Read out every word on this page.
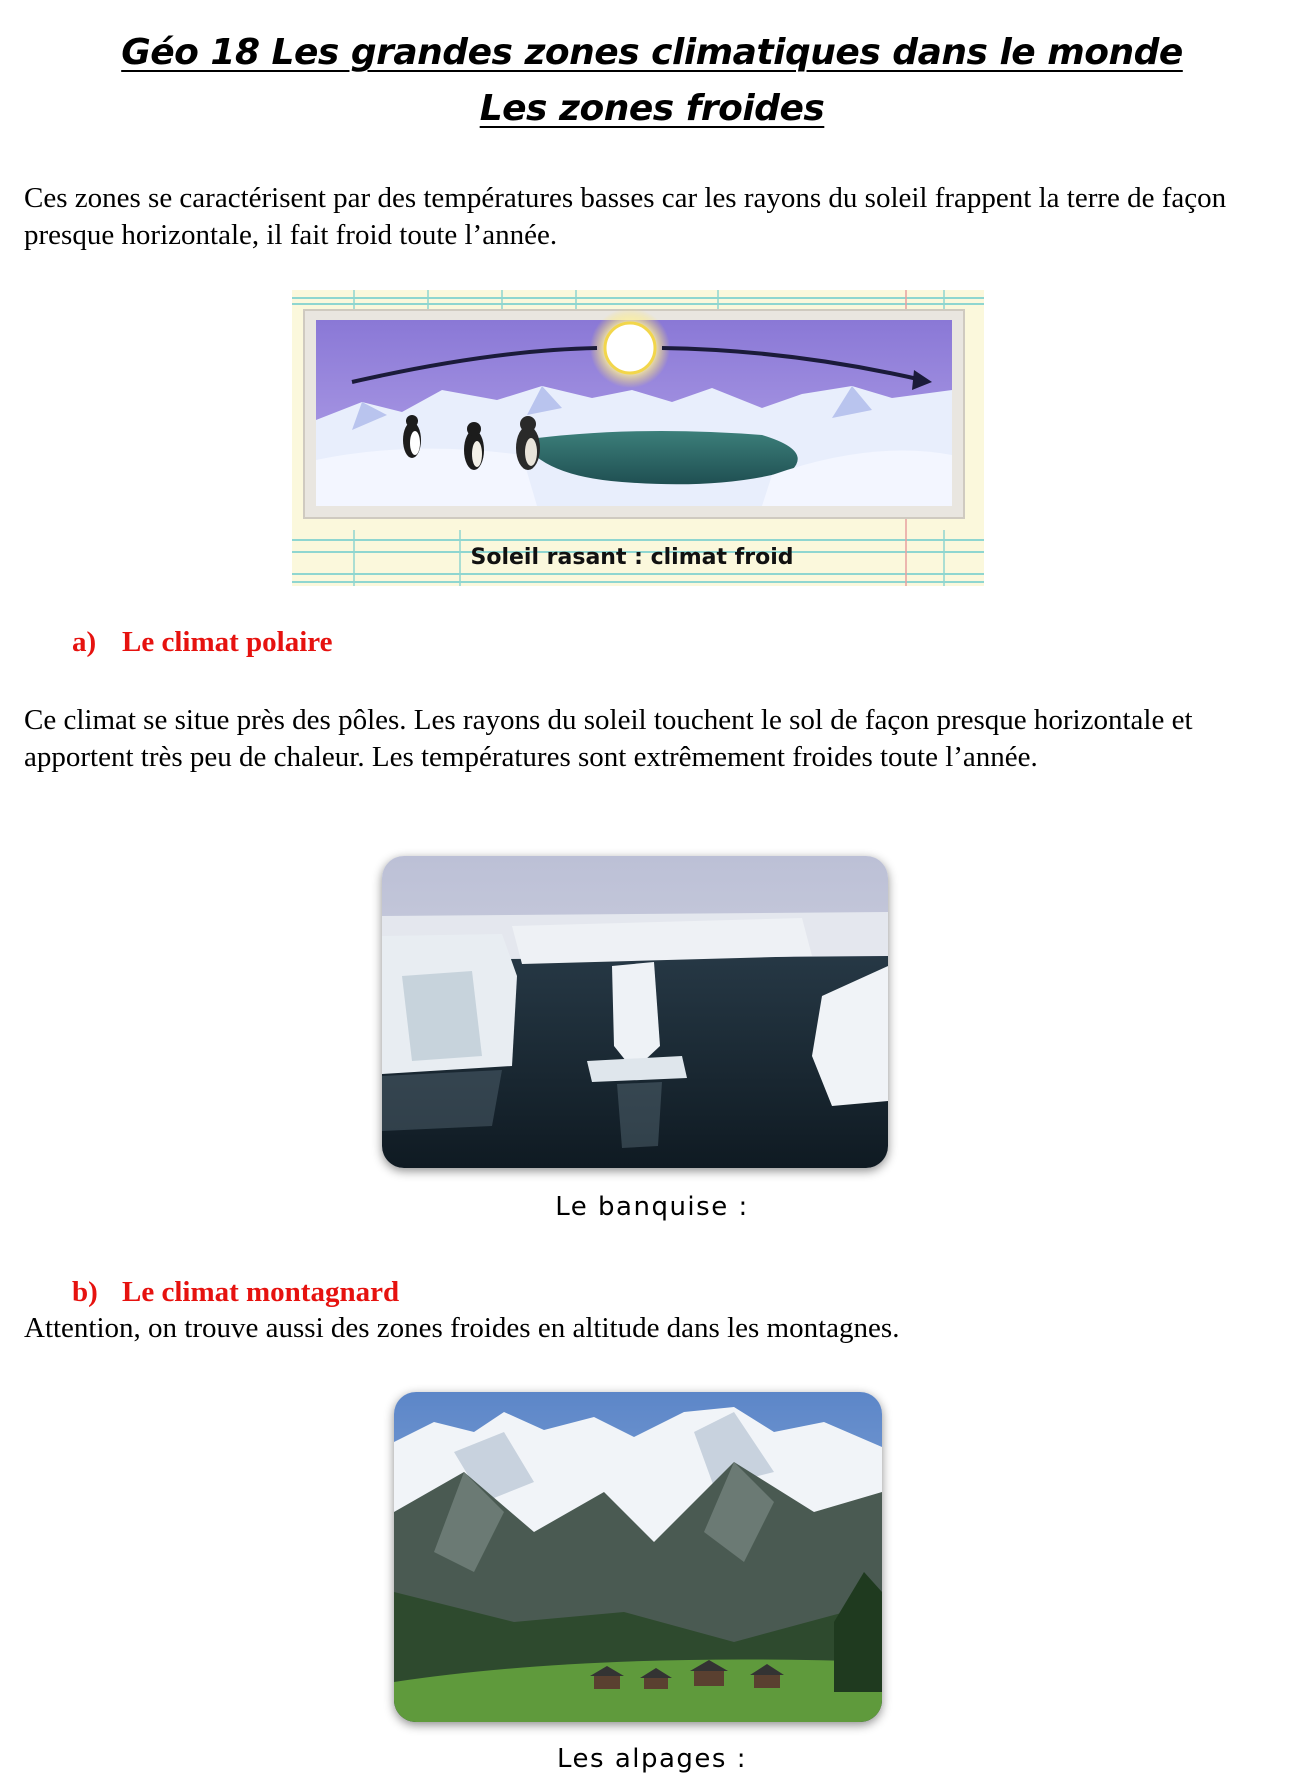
Géo 18 Les grandes zones climatiques dans le monde
Les zones froides

Ces zones se caractérisent par des températures basses car les rayons du soleil frappent la terre de façon presque horizontale, il fait froid toute l’année.

Soleil rasant : climat froid
a) Le climat polaire

Ce climat se situe près des pôles. Les rayons du soleil touchent le sol de façon presque horizontale et apportent très peu de chaleur. Les températures sont extrêmement froides toute l’année.

Le banquise :

b) Le climat montagnard

Attention, on trouve aussi des zones froides en altitude dans les montagnes.

Les alpages :
